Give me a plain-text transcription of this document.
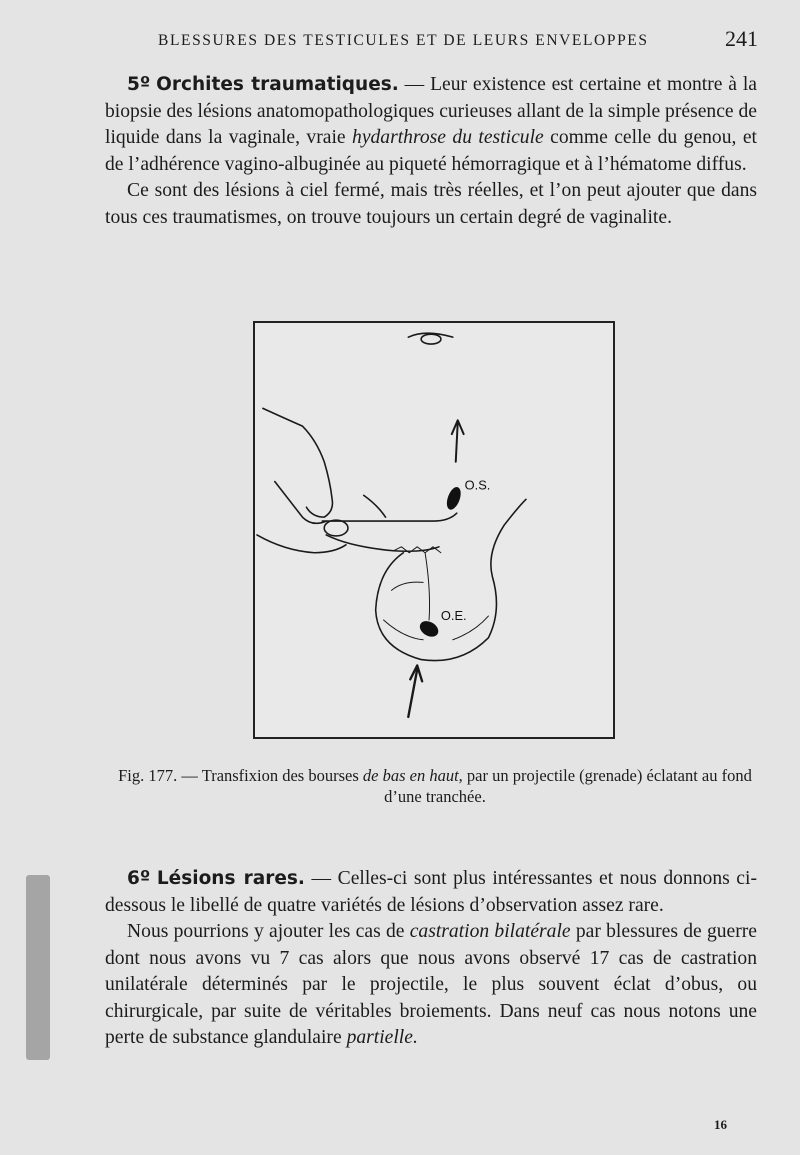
BLESSURES DES TESTICULES ET DE LEURS ENVELOPPES	241

5º Orchites traumatiques. — Leur existence est certaine et montre à la biopsie des lésions anatomopathologiques curieuses allant de la simple présence de liquide dans la vaginale, vraie hydarthrose du testicule comme celle du genou, et de l’adhérence vagino-albuginée au piqueté hémorragique et à l’hématome diffus.

Ce sont des lésions à ciel fermé, mais très réelles, et l’on peut ajouter que dans tous ces traumatismes, on trouve toujours un certain degré de vaginalite.

O.S.
O.E.
Fig. 177. — Transfixion des bourses de bas en haut, par un projectile (grenade) éclatant au fond d’une tranchée.

6º Lésions rares. — Celles-ci sont plus intéressantes et nous donnons ci-dessous le libellé de quatre variétés de lésions d’observation assez rare.

Nous pourrions y ajouter les cas de castration bilatérale par blessures de guerre dont nous avons vu 7 cas alors que nous avons observé 17 cas de castration unilatérale déterminés par le projectile, le plus souvent éclat d’obus, ou chirurgicale, par suite de véritables broiements. Dans neuf cas nous notons une perte de substance glandulaire partielle.

16
